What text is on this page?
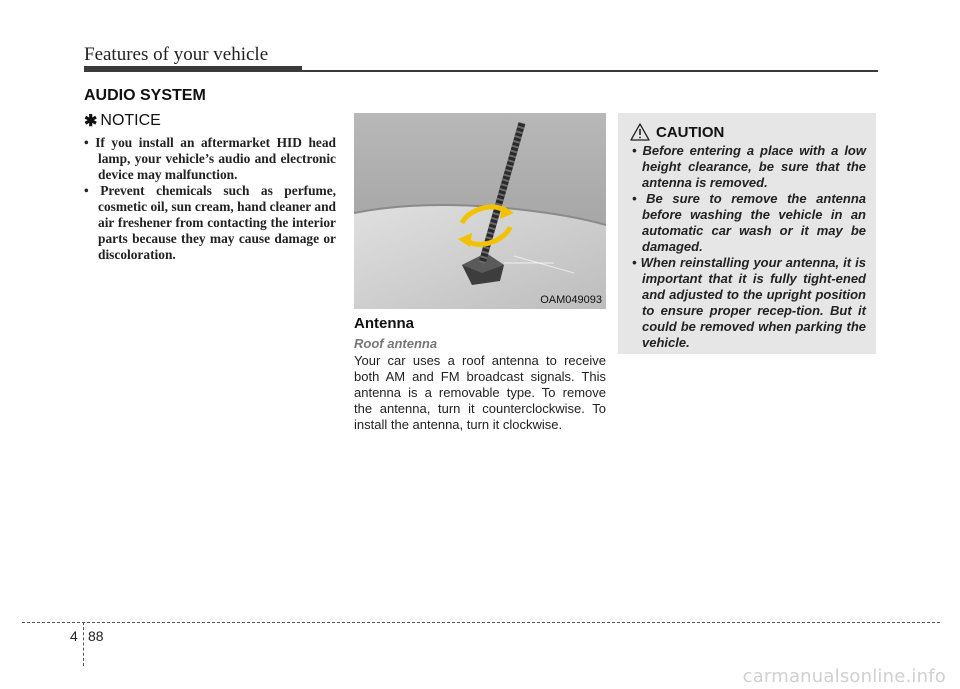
Features of your vehicle
AUDIO SYSTEM
✱ NOTICE
• If you install an aftermarket HID head lamp, your vehicle’s audio and electronic device may malfunction.
• Prevent chemicals such as perfume, cosmetic oil, sun cream, hand cleaner and air freshener from contacting the interior parts because they may cause damage or discoloration.
OAM049093
Antenna
Roof antenna
Your car uses a roof antenna to receive both AM and FM broadcast signals. This antenna is a removable type. To remove the antenna, turn it counterclockwise. To install the antenna, turn it clockwise.
CAUTION
• Before entering a place with a low height clearance, be sure that the antenna is removed.
• Be sure to remove the antenna before washing the vehicle in an automatic car wash or it may be damaged.
• When reinstalling your antenna, it is important that it is fully tight-ened and adjusted to the upright position to ensure proper recep-tion. But it could be removed when parking the vehicle.
4 88
carmanualsonline.info
